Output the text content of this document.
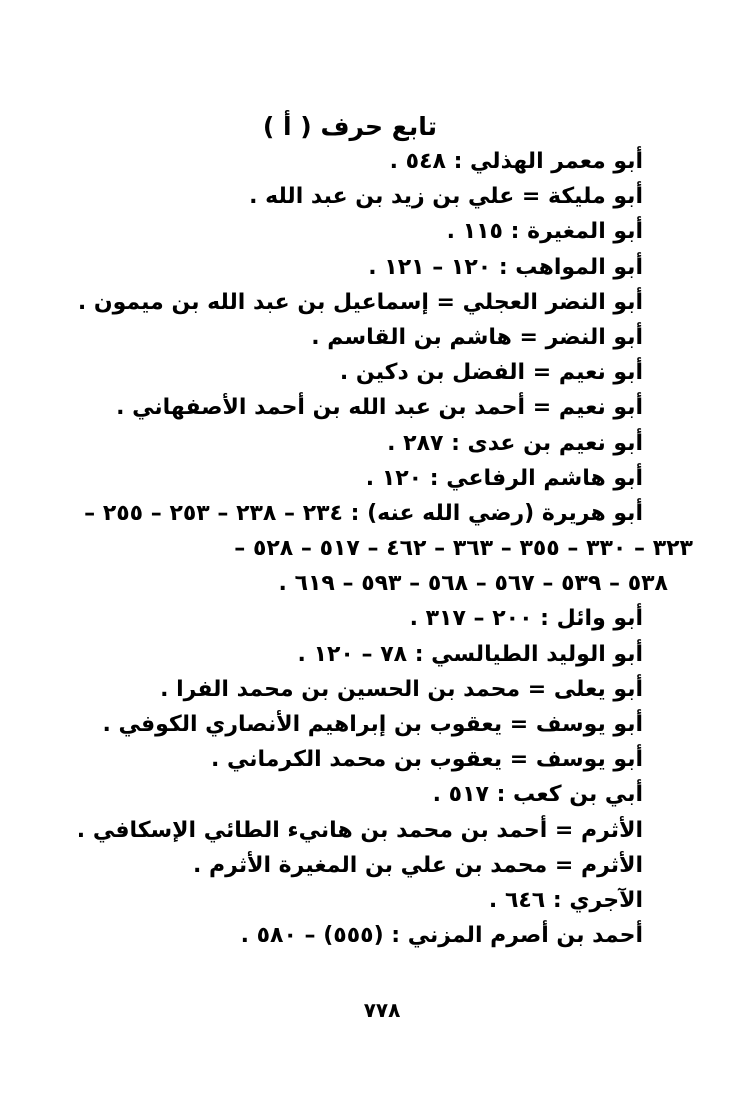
تابع حرف ( أ )
أبو معمر الهذلي : ٥٤٨ .
أبو مليكة = علي بن زيد بن عبد الله .
أبو المغيرة : ١١٥ .
أبو المواهب : ١٢٠ – ١٢١ .
أبو النضر العجلي = إسماعيل بن عبد الله بن ميمون .
أبو النضر = هاشم بن القاسم .
أبو نعيم = الفضل بن دكين .
أبو نعيم = أحمد بن عبد الله بن أحمد الأصفهاني .
أبو نعيم بن عدى : ٢٨٧ .
أبو هاشم الرفاعي : ١٢٠ .
أبو هريرة (رضي الله عنه) : ٢٣٤ – ٢٣٨ – ٢٥٣ – ٢٥٥ –
٣٢٣ – ٣٣٠ – ٣٥٥ – ٣٦٣ – ٤٦٢ – ٥١٧ – ٥٢٨ –
٥٣٨ – ٥٣٩ – ٥٦٧ – ٥٦٨ – ٥٩٣ – ٦١٩ .
أبو وائل : ٢٠٠ – ٣١٧ .
أبو الوليد الطيالسي : ٧٨ – ١٢٠ .
أبو يعلى = محمد بن الحسين بن محمد الفرا .
أبو يوسف = يعقوب بن إبراهيم الأنصاري الكوفي .
أبو يوسف = يعقوب بن محمد الكرماني .
أبي بن كعب : ٥١٧ .
الأثرم = أحمد بن محمد بن هانيء الطائي الإسكافي .
الأثرم = محمد بن علي بن المغيرة الأثرم .
الآجري : ٦٤٦ .
أحمد بن أصرم المزني : (٥٥٥) – ٥٨٠ .
٧٧٨
